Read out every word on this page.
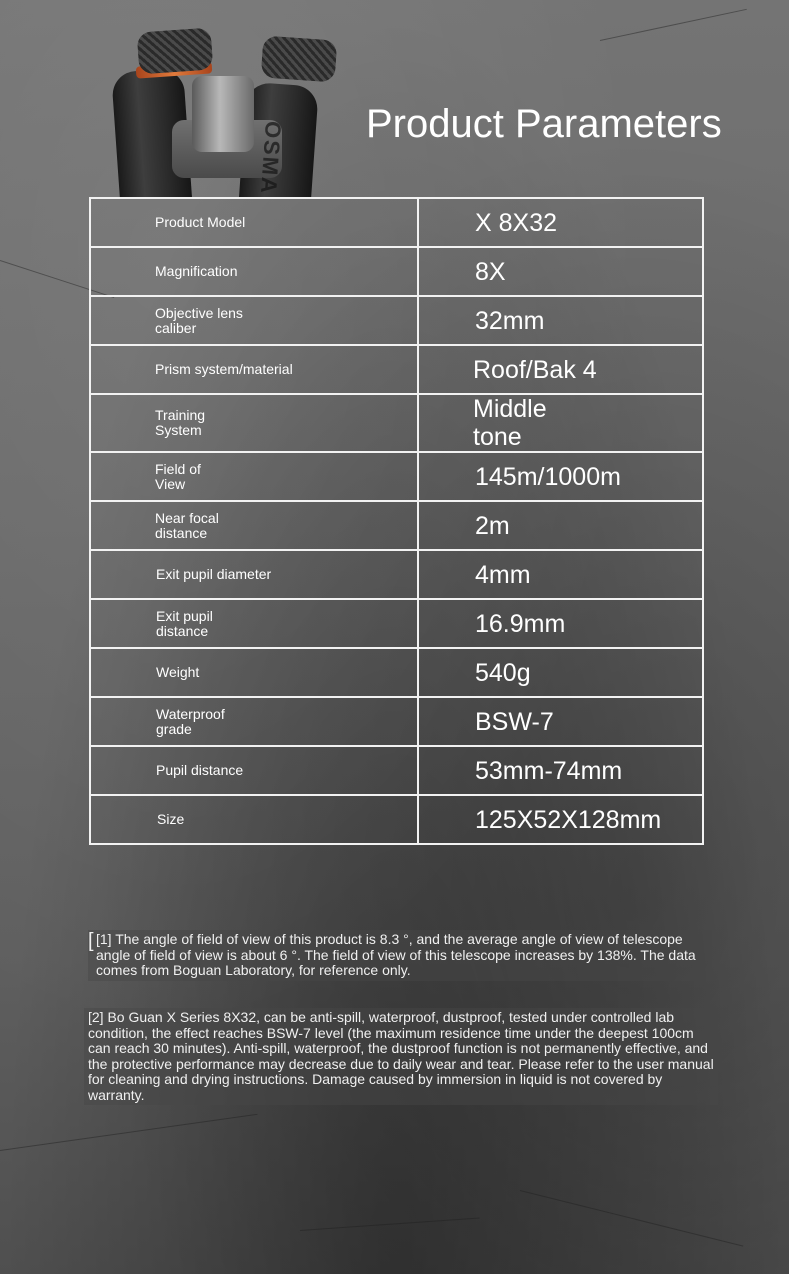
OSMA Product Parameters
Product Model	X 8X32
Magnification	8X
Objective lens
caliber	32mm
Prism system/material	Roof/Bak 4
Training
System	Middle
tone
Field of
View	145m/1000m
Near focal
distance	2m
Exit pupil diameter	4mm
Exit pupil
distance	16.9mm
Weight	540g
Waterproof
grade	BSW-7
Pupil distance	53mm-74mm
Size	125X52X128mm
[ [1] The angle of field of view of this product is 8.3 °, and the average angle of view of telescope angle of field of view is about 6 °. The field of view of this telescope increases by 138%. The data comes from Boguan Laboratory, for reference only.

[2] Bo Guan X Series 8X32, can be anti-spill, waterproof, dustproof, tested under controlled lab condition, the effect reaches BSW-7 level (the maximum residence time under the deepest 100cm can reach 30 minutes). Anti-spill, waterproof, the dustproof function is not permanently effective, and the protective performance may decrease due to daily wear and tear. Please refer to the user manual for cleaning and drying instructions. Damage caused by immersion in liquid is not covered by warranty.
